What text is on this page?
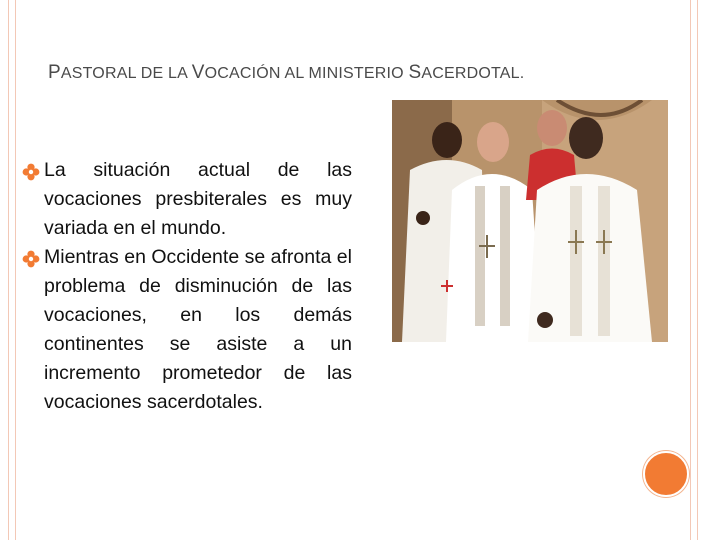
PASTORAL DE LA VOCACIÓN AL MINISTERIO SACERDOTAL.
La situación actual de las vocaciones presbiterales es muy variada en el mundo.
Mientras en Occidente se afronta el problema de disminución de las vocaciones, en los demás continentes se asiste a un incremento prometedor de las vocaciones sacerdotales.
